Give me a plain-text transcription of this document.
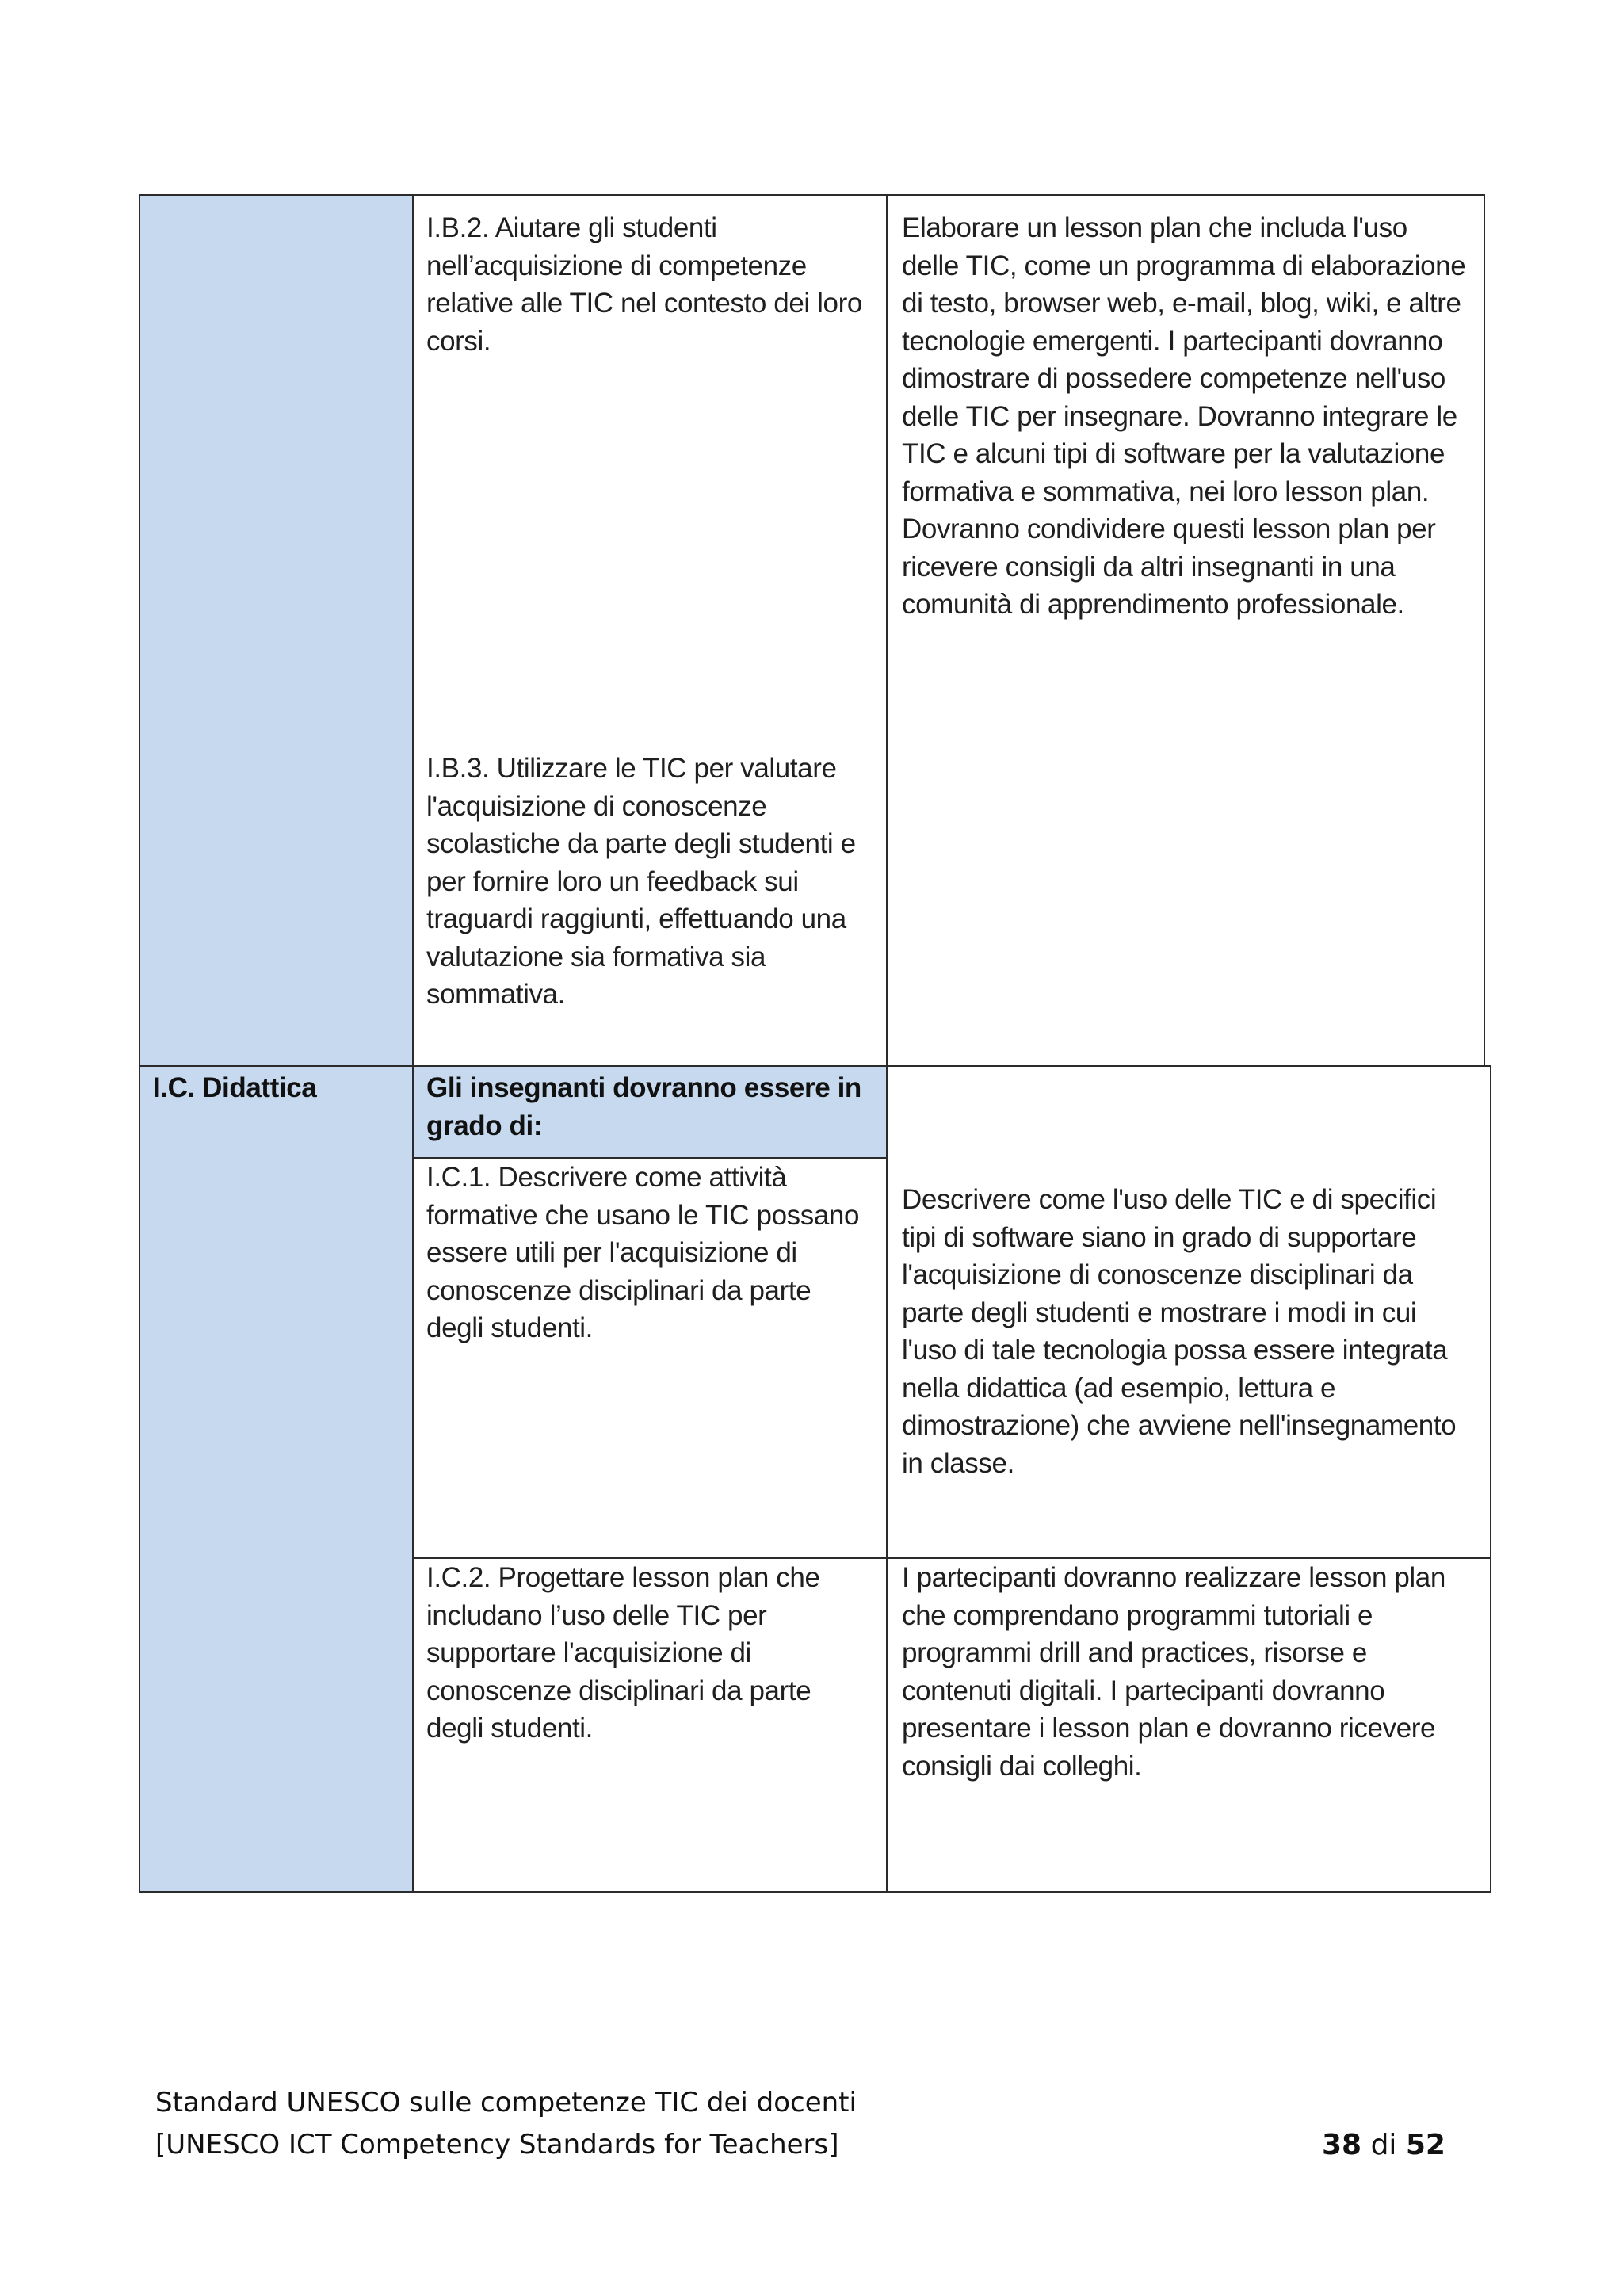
I.B.2. Aiutare gli studenti
nell’acquisizione di competenze
relative alle TIC nel contesto dei loro
corsi.
Elaborare un lesson plan che includa l'uso
delle TIC, come un programma di elaborazione
di testo, browser web, e-mail, blog, wiki, e altre
tecnologie emergenti. I partecipanti dovranno
dimostrare di possedere competenze nell'uso
delle TIC per insegnare. Dovranno integrare le
TIC e alcuni tipi di software per la valutazione
formativa e sommativa, nei loro lesson plan.
Dovranno condividere questi lesson plan per
ricevere consigli da altri insegnanti in una
comunità di apprendimento professionale.
I.B.3. Utilizzare le TIC per valutare
l'acquisizione di conoscenze
scolastiche da parte degli studenti e
per fornire loro un feedback sui
traguardi raggiunti, effettuando una
valutazione sia formativa sia
sommativa.
I.C. Didattica	Gli insegnanti dovranno essere in
grado di:
I.C.1. Descrivere come attività
formative che usano le TIC possano
essere utili per l'acquisizione di
conoscenze disciplinari da parte
degli studenti.
Descrivere come l'uso delle TIC e di specifici
tipi di software siano in grado di supportare
l'acquisizione di conoscenze disciplinari da
parte degli studenti e mostrare i modi in cui
l'uso di tale tecnologia possa essere integrata
nella didattica (ad esempio, lettura e
dimostrazione) che avviene nell'insegnamento
in classe.
I.C.2. Progettare lesson plan che
includano l’uso delle TIC per
supportare l'acquisizione di
conoscenze disciplinari da parte
degli studenti.
I partecipanti dovranno realizzare lesson plan
che comprendano programmi tutoriali e
programmi drill and practices, risorse e
contenuti digitali. I partecipanti dovranno
presentare i lesson plan e dovranno ricevere
consigli dai colleghi.
Standard UNESCO sulle competenze TIC dei docenti
[UNESCO ICT Competency Standards for Teachers]	38 di 52
